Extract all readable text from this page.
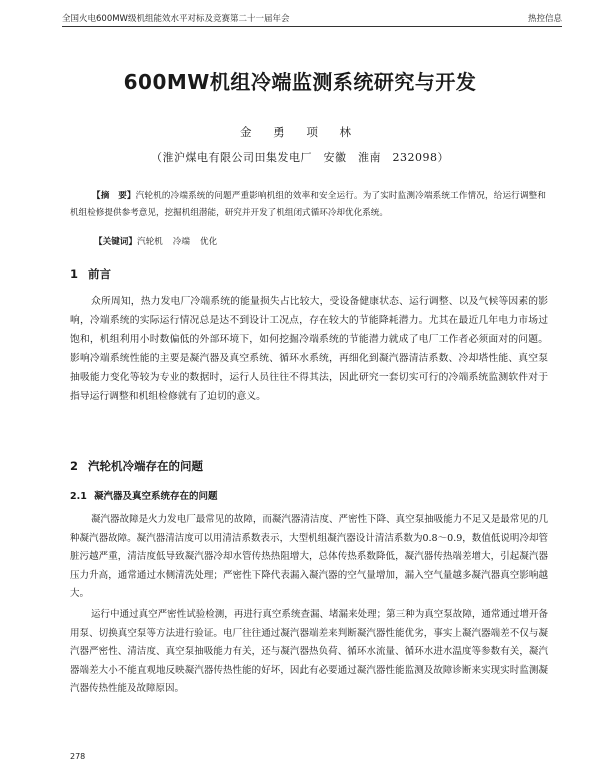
全国火电600MW级机组能效水平对标及竞赛第二十一届年会	热控信息
600MW机组冷端监测系统研究与开发
金 勇 项 林
（淮沪煤电有限公司田集发电厂　安徽　淮南　232098）
【摘　要】汽轮机的冷端系统的问题严重影响机组的效率和安全运行。为了实时监测冷端系统工作情况，给运行调整和机组检修提供参考意见，挖掘机组潜能，研究并开发了机组闭式循环冷却优化系统。
【关键词】汽轮机 冷端 优化
1 前言

众所周知，热力发电厂冷端系统的能量损失占比较大，受设备健康状态、运行调整、以及气候等因素的影响，冷端系统的实际运行情况总是达不到设计工况点，存在较大的节能降耗潜力。尤其在最近几年电力市场过饱和，机组利用小时数偏低的外部环境下，如何挖掘冷端系统的节能潜力就成了电厂工作者必须面对的问题。影响冷端系统性能的主要是凝汽器及真空系统、循环水系统，再细化到凝汽器清洁系数、冷却塔性能、真空泵抽吸能力变化等较为专业的数据时，运行人员往往不得其法，因此研究一套切实可行的冷端系统监测软件对于指导运行调整和机组检修就有了迫切的意义。

2 汽轮机冷端存在的问题
2.1 凝汽器及真空系统存在的问题

凝汽器故障是火力发电厂最常见的故障，而凝汽器清洁度、严密性下降、真空泵抽吸能力不足又是最常见的几种凝汽器故障。凝汽器清洁度可以用清洁系数表示，大型机组凝汽器设计清洁系数为0.8～0.9，数值低说明冷却管脏污越严重，清洁度低导致凝汽器冷却水管传热热阻增大，总体传热系数降低，凝汽器传热端差增大，引起凝汽器压力升高，通常通过水侧清洗处理；严密性下降代表漏入凝汽器的空气量增加，漏入空气量越多凝汽器真空影响越大。

运行中通过真空严密性试验检测，再进行真空系统查漏、堵漏来处理；第三种为真空泵故障，通常通过增开备用泵、切换真空泵等方法进行验证。电厂往往通过凝汽器端差来判断凝汽器性能优劣，事实上凝汽器端差不仅与凝汽器严密性、清洁度、真空泵抽吸能力有关，还与凝汽器热负荷、循环水流量、循环水进水温度等参数有关，凝汽器端差大小不能直观地反映凝汽器传热性能的好坏，因此有必要通过凝汽器性能监测及故障诊断来实现实时监测凝汽器传热性能及故障原因。

278
